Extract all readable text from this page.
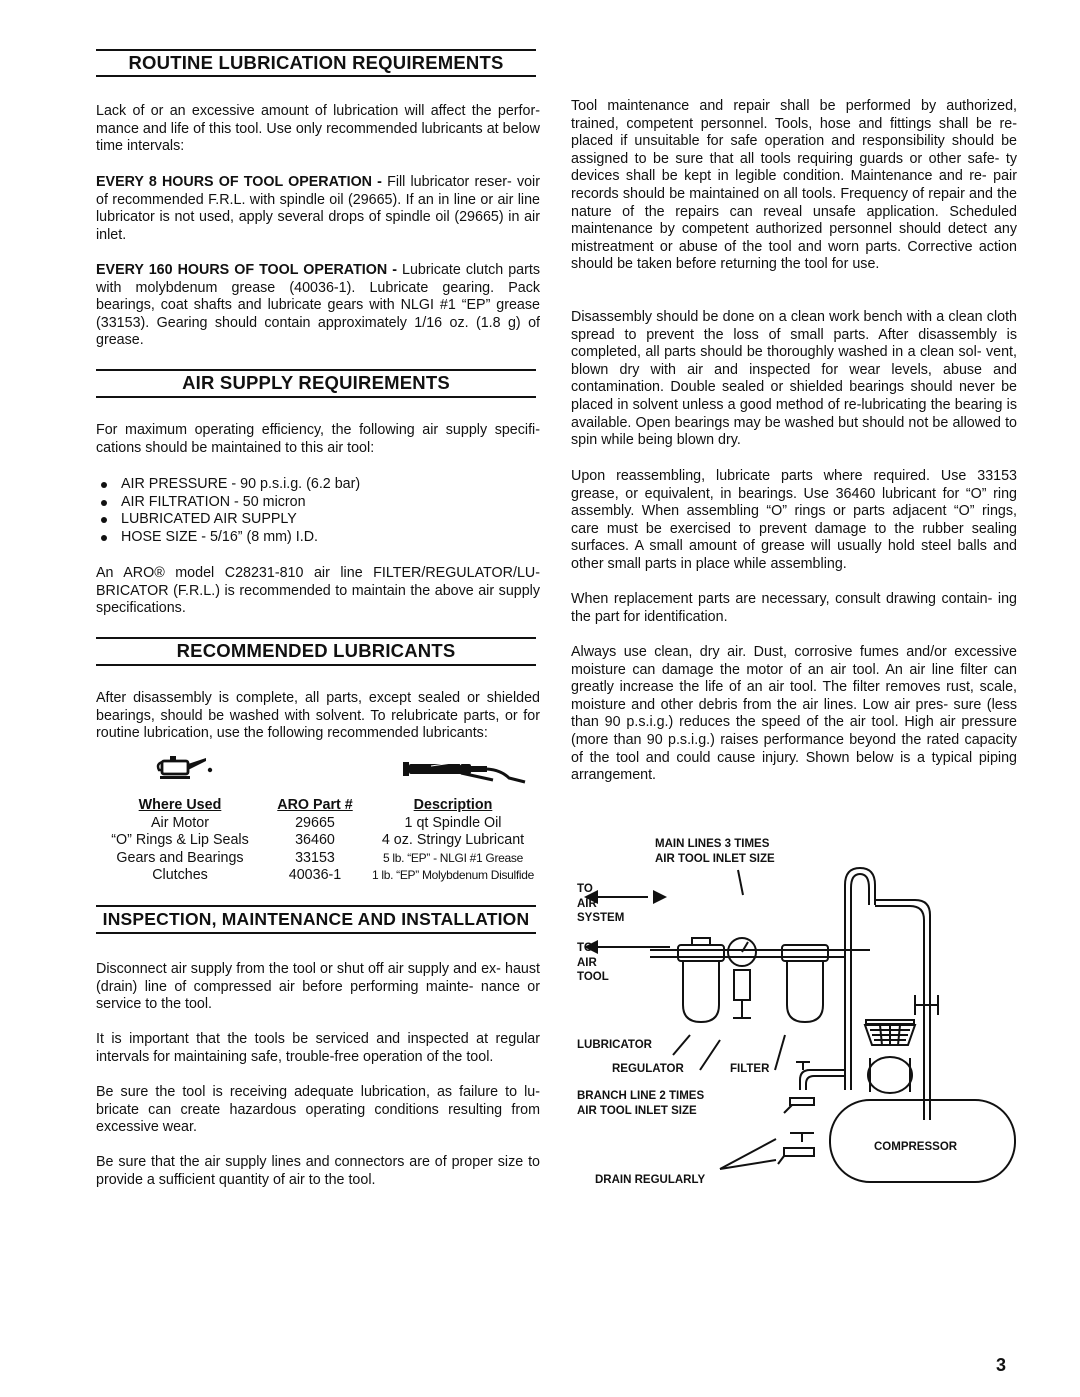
ROUTINE LUBRICATION REQUIREMENTS

Lack of or an excessive amount of lubrication will affect the perfor- mance and life of this tool. Use only recommended lubricants at below time intervals:

EVERY 8 HOURS OF TOOL OPERATION - Fill lubricator reser- voir of recommended F.R.L. with spindle oil (29665). If an in line or air line lubricator is not used, apply several drops of spindle oil (29665) in air inlet.

EVERY 160 HOURS OF TOOL OPERATION - Lubricate clutch parts with molybdenum grease (40036-1). Lubricate gearing. Pack bearings, coat shafts and lubricate gears with NLGI #1 “EP” grease (33153). Gearing should contain approximately 1/16 oz. (1.8 g) of grease.

AIR SUPPLY REQUIREMENTS

For maximum operating efficiency, the following air supply specifi- cations should be maintained to this air tool:

AIR PRESSURE - 90 p.s.i.g. (6.2 bar)
AIR FILTRATION - 50 micron
LUBRICATED AIR SUPPLY
HOSE SIZE - 5/16” (8 mm) I.D.

An ARO® model C28231-810 air line FILTER/REGULATOR/LU- BRICATOR (F.R.L.) is recommended to maintain the above air supply specifications.

RECOMMENDED LUBRICANTS

After disassembly is complete, all parts, except sealed or shielded bearings, should be washed with solvent. To relubricate parts, or for routine lubrication, use the following recommended lubricants:

Where Used	ARO Part #	Description
Air Motor	29665	1 qt Spindle Oil
“O” Rings & Lip Seals	36460	4 oz. Stringy Lubricant
Gears and Bearings	33153	5 lb. “EP” - NLGI #1 Grease
Clutches	40036-1	1 lb. “EP” Molybdenum Disulfide
INSPECTION, MAINTENANCE AND INSTALLATION

Disconnect air supply from the tool or shut off air supply and ex- haust (drain) line of compressed air before performing mainte- nance or service to the tool.

It is important that the tools be serviced and inspected at regular intervals for maintaining safe, trouble-free operation of the tool.

Be sure the tool is receiving adequate lubrication, as failure to lu- bricate can create hazardous operating conditions resulting from excessive wear.

Be sure that the air supply lines and connectors are of proper size to provide a sufficient quantity of air to the tool.

Tool maintenance and repair shall be performed by authorized, trained, competent personnel. Tools, hose and fittings shall be re- placed if unsuitable for safe operation and responsibility should be assigned to be sure that all tools requiring guards or other safe- ty devices shall be kept in legible condition. Maintenance and re- pair records should be maintained on all tools. Frequency of repair and the nature of the repairs can reveal unsafe application. Scheduled maintenance by competent authorized personnel should detect any mistreatment or abuse of the tool and worn parts. Corrective action should be taken before returning the tool for use.

Disassembly should be done on a clean work bench with a clean cloth spread to prevent the loss of small parts. After disassembly is completed, all parts should be thoroughly washed in a clean sol- vent, blown dry with air and inspected for wear levels, abuse and contamination. Double sealed or shielded bearings should never be placed in solvent unless a good method of re-lubricating the bearing is available. Open bearings may be washed but should not be allowed to spin while being blown dry.

Upon reassembling, lubricate parts where required. Use 33153 grease, or equivalent, in bearings. Use 36460 lubricant for “O” ring assembly. When assembling “O” rings or parts adjacent “O” rings, care must be exercised to prevent damage to the rubber sealing surfaces. A small amount of grease will usually hold steel balls and other small parts in place while assembling.

When replacement parts are necessary, consult drawing contain- ing the part for identification.

Always use clean, dry air. Dust, corrosive fumes and/or excessive moisture can damage the motor of an air tool. An air line filter can greatly increase the life of an air tool. The filter removes rust, scale, moisture and other debris from the air lines. Low air pres- sure (less than 90 p.s.i.g.) reduces the speed of the air tool. High air pressure (more than 90 p.s.i.g.) raises performance beyond the rated capacity of the tool and could cause injury. Shown below is a typical piping arrangement.

MAIN LINES 3 TIMES
AIR TOOL INLET SIZE
TO
AIR
SYSTEM
TO
AIR
TOOL
LUBRICATOR
REGULATOR	FILTER
BRANCH LINE 2 TIMES
AIR TOOL INLET SIZE
COMPRESSOR
DRAIN REGULARLY
3
